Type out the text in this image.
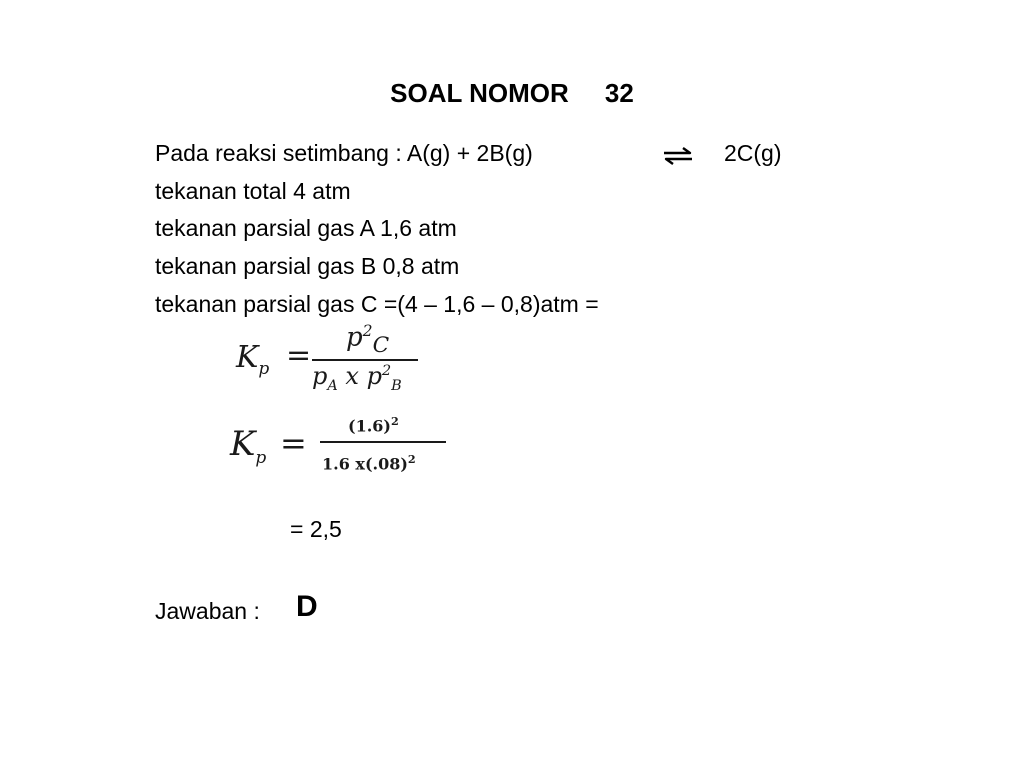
SOAL NOMOR     32
Pada reaksi setimbang : A(g) + 2B(g)	2C(g)
tekanan total 4 atm
tekanan parsial gas A 1,6 atm
tekanan parsial gas B 0,8 atm
tekanan parsial gas C =(4 – 1,6 – 0,8)atm =
$K_p$ =
$p^2_C$
$p_A$ x $p^2_B$
$K_p$ =	$(1.6)^2$
1.6 $x(.08)^2$
= 2,5
Jawaban : D
